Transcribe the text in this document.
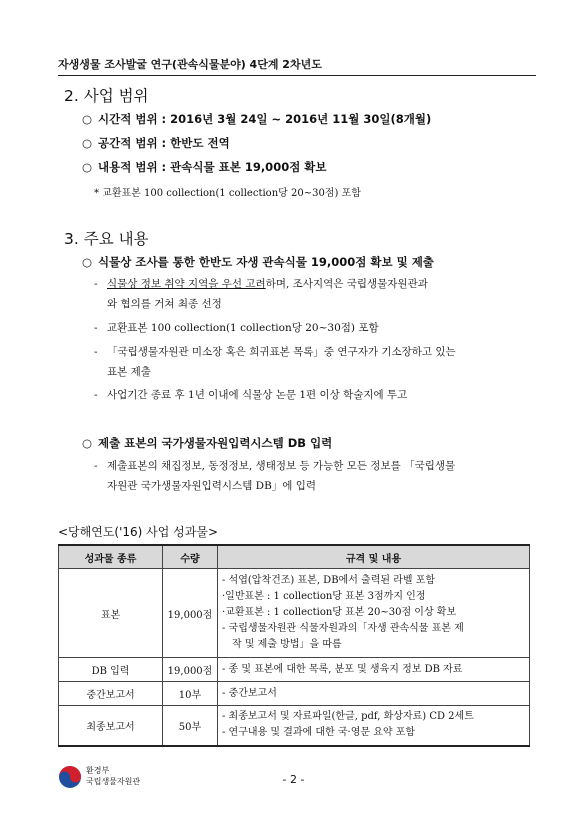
자생생물 조사발굴 연구(관속식물분야) 4단계 2차년도
2. 사업 범위
○ 시간적 범위 : 2016년 3월 24일 ~ 2016년 11월 30일(8개월)
○ 공간적 범위 : 한반도 전역
○ 내용적 범위 : 관속식물 표본 19,000점 확보
* 교환표본 100 collection(1 collection당 20~30점) 포함
3. 주요 내용
○ 식물상 조사를 통한 한반도 자생 관속식물 19,000점 확보 및 제출
- 식물상 정보 취약 지역을 우선 고려하며, 조사지역은 국립생물자원관과
와 협의를 거쳐 최종 선정
- 교환표본 100 collection(1 collection당 20~30점) 포함
- 「국립생물자원관 미소장 혹은 희귀표본 목록」중 연구자가 기소장하고 있는
표본 제출
- 사업기간 종료 후 1년 이내에 식물상 논문 1편 이상 학술지에 투고
○ 제출 표본의 국가생물자원입력시스템 DB 입력
- 제출표본의 채집정보, 동정정보, 생태정보 등 가능한 모든 정보를 「국립생물
자원관 국가생물자원입력시스템 DB」에 입력
<당해연도('16) 사업 성과물>
성과물 종류	수량	규격 및 내용
표본	19,000점	- 석엽(압착건조) 표본, DB에서 출력된 라벨 포함
·일반표본 : 1 collection당 표본 3점까지 인정
·교환표본 : 1 collection당 표본 20~30점 이상 확보
- 국립생물자원관 식물자원과의「자생 관속식물 표본 제
작 및 제출 방법」을 따름

DB 입력	19,000점	- 종 및 표본에 대한 목록, 분포 및 생육지 정보 DB 자료
중간보고서	10부	- 중간보고서
최종보고서	50부	- 최종보고서 및 자료파일(한글, pdf, 화상자료) CD 2세트
- 연구내용 및 결과에 대한 국·영문 요약 포함
환경부
국립생물자원관	- 2 -
